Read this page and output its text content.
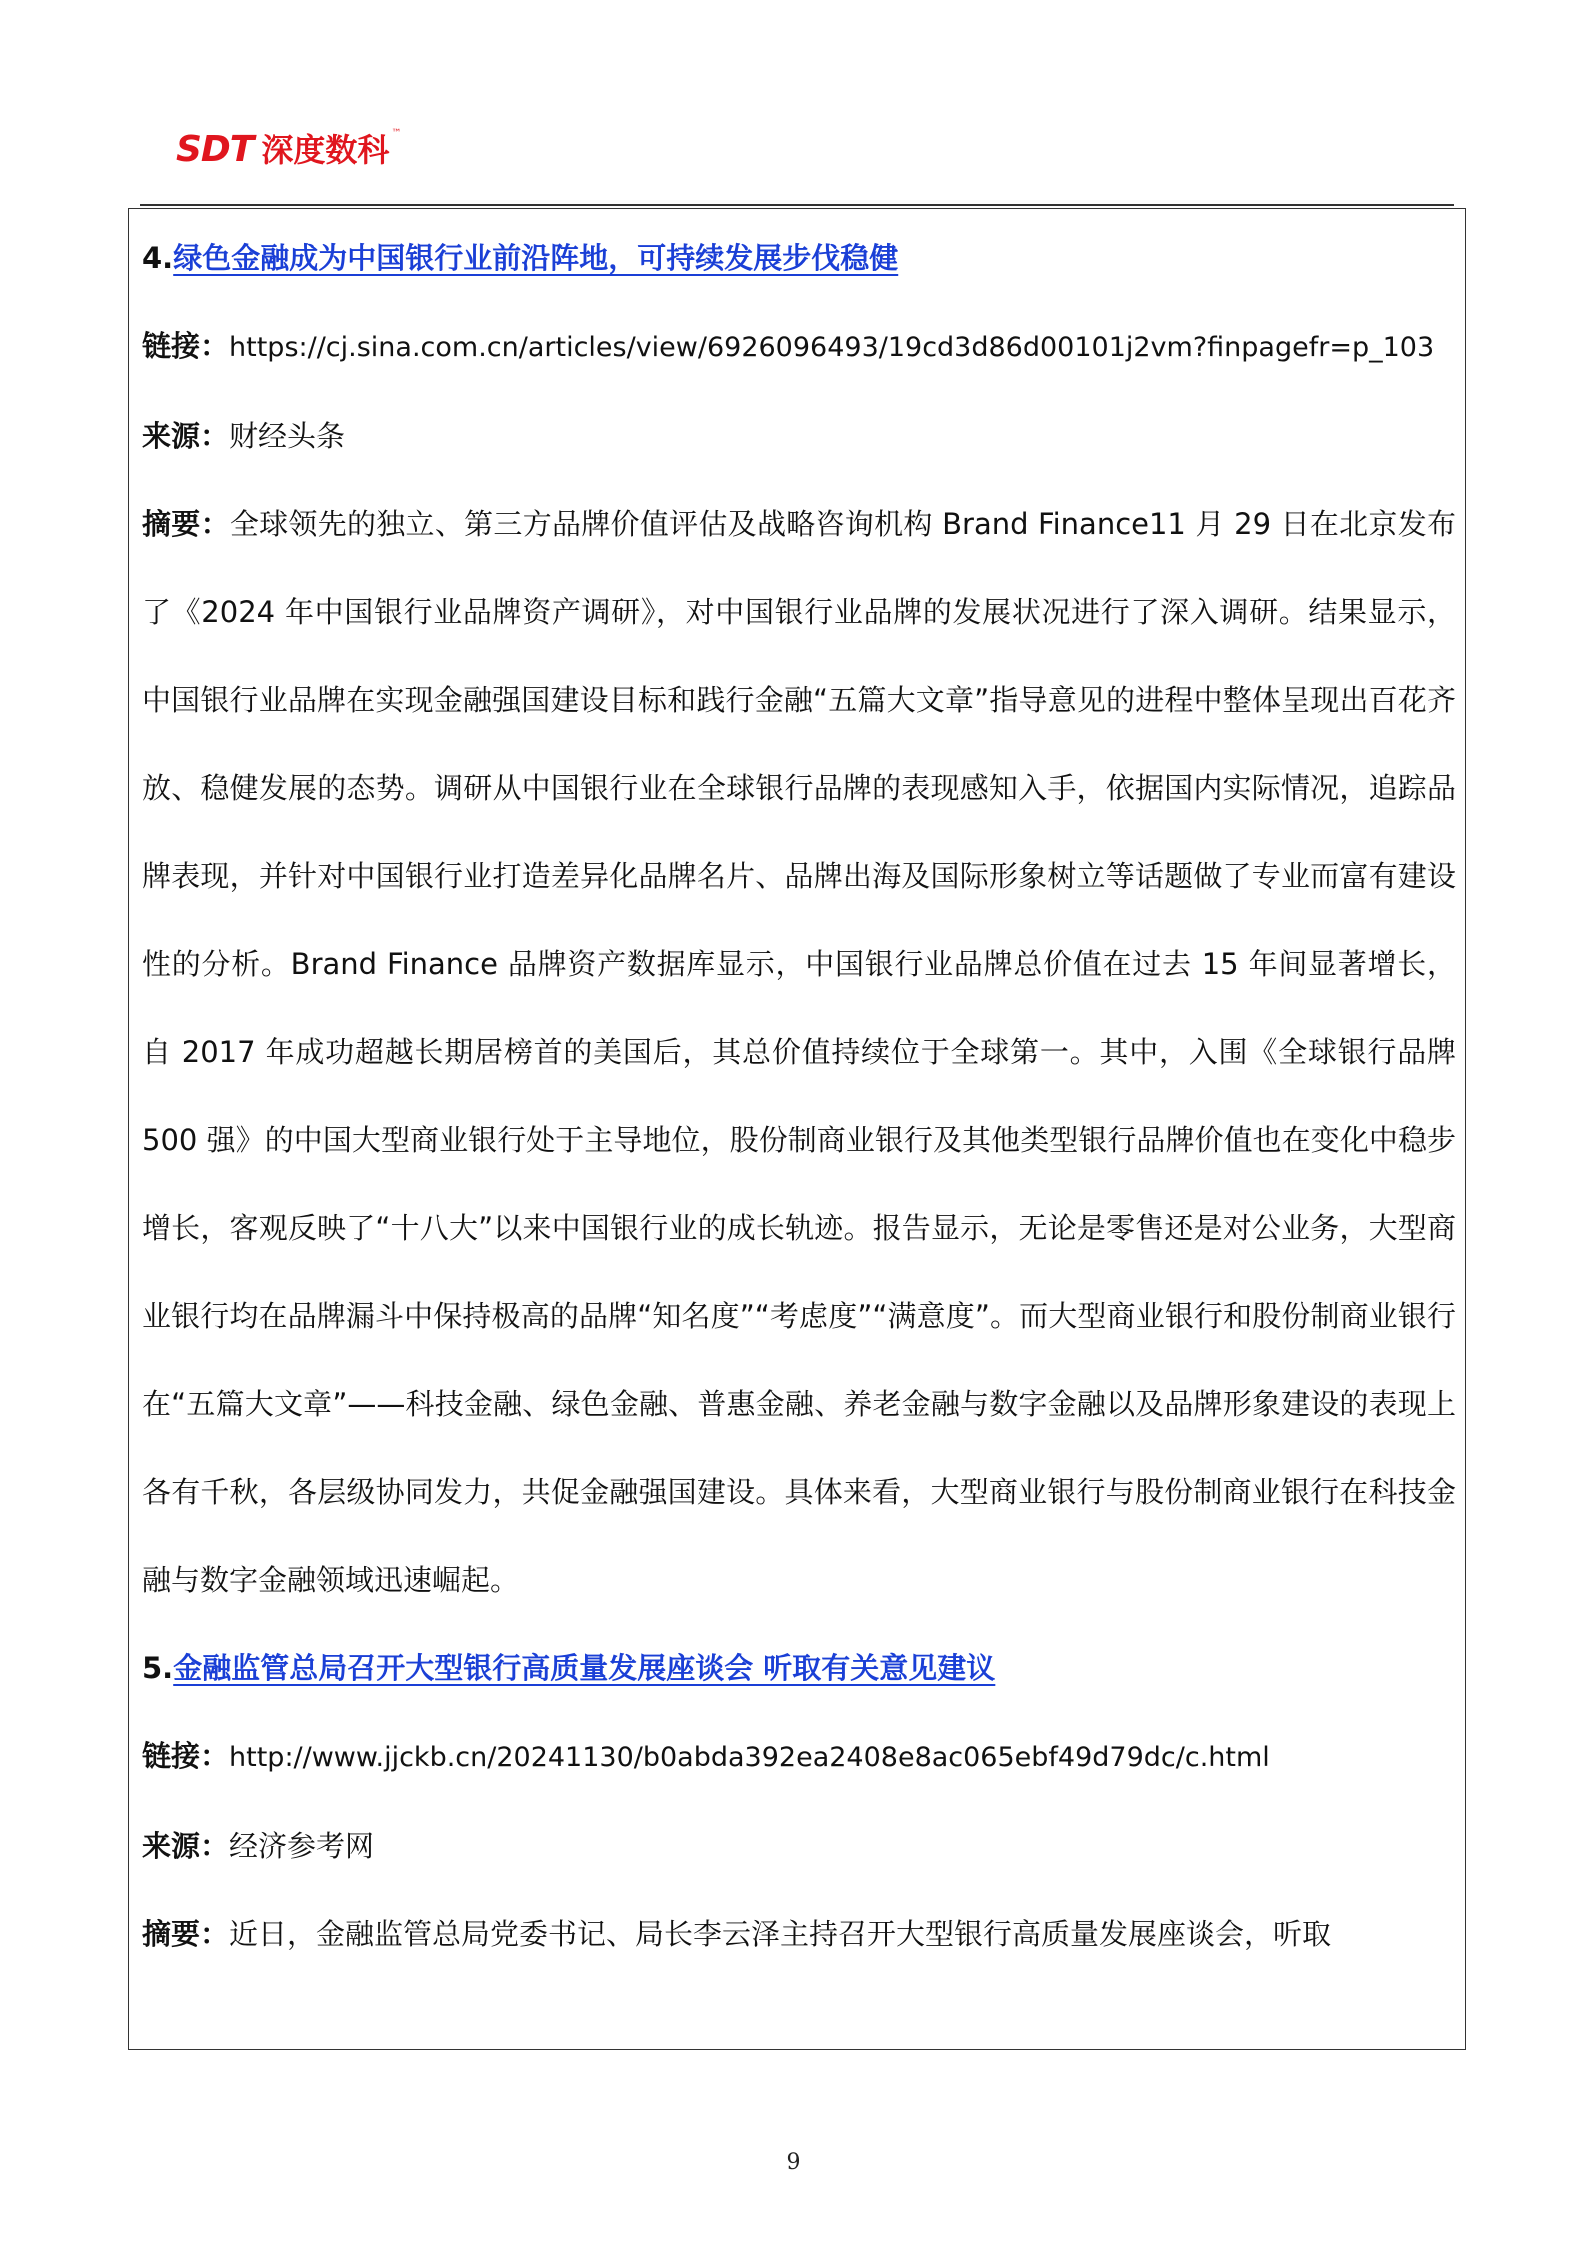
SDT 深度数科 ™

4.绿色金融成为中国银行业前沿阵地，可持续发展步伐稳健

链接：https://cj.sina.com.cn/articles/view/6926096493/19cd3d86d00101j2vm?finpagefr=p_103

来源：财经头条

摘要：全球领先的独立、第三方品牌价值评估及战略咨询机构 Brand Finance11 月 29 日在北京发布了《2024 年中国银行业品牌资产调研》，对中国银行业品牌的发展状况进行了深入调研。结果显示，中国银行业品牌在实现金融强国建设目标和践行金融“五篇大文章”指导意见的进程中整体呈现出百花齐放、稳健发展的态势。调研从中国银行业在全球银行品牌的表现感知入手，依据国内实际情况，追踪品牌表现，并针对中国银行业打造差异化品牌名片、品牌出海及国际形象树立等话题做了专业而富有建设性的分析。Brand Finance 品牌资产数据库显示，中国银行业品牌总价值在过去 15 年间显著增长，自 2017 年成功超越长期居榜首的美国后，其总价值持续位于全球第一。其中，入围《全球银行品牌 500 强》的中国大型商业银行处于主导地位，股份制商业银行及其他类型银行品牌价值也在变化中稳步增长，客观反映了“十八大”以来中国银行业的成长轨迹。报告显示，无论是零售还是对公业务，大型商业银行均在品牌漏斗中保持极高的品牌“知名度”“考虑度”“满意度”。而大型商业银行和股份制商业银行在“五篇大文章”——科技金融、绿色金融、普惠金融、养老金融与数字金融以及品牌形象建设的表现上各有千秋，各层级协同发力，共促金融强国建设。具体来看，大型商业银行与股份制商业银行在科技金融与数字金融领域迅速崛起。

5.金融监管总局召开大型银行高质量发展座谈会 听取有关意见建议

链接：http://www.jjckb.cn/20241130/b0abda392ea2408e8ac065ebf49d79dc/c.html

来源：经济参考网

摘要：近日，金融监管总局党委书记、局长李云泽主持召开大型银行高质量发展座谈会，听取

9
